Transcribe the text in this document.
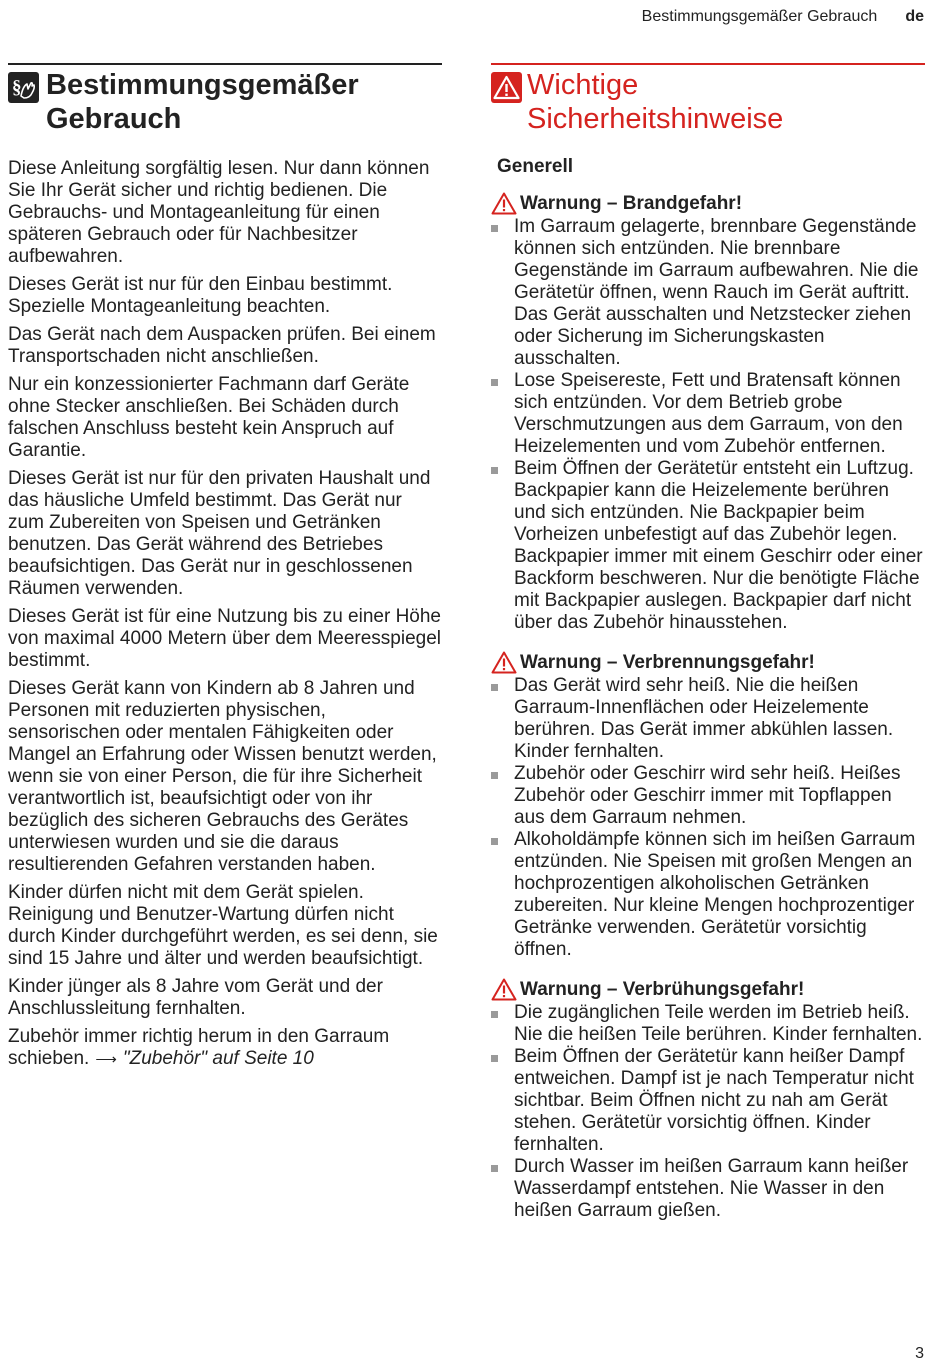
Bestimmungsgemäßer Gebrauch de
§ Bestimmungsgemäßer
Gebrauch

Diese Anleitung sorgfältig lesen. Nur dann können Sie Ihr Gerät sicher und richtig bedienen. Die Gebrauchs- und Montageanleitung für einen späteren Gebrauch oder für Nachbesitzer aufbewahren.

Dieses Gerät ist nur für den Einbau bestimmt. Spezielle Montageanleitung beachten.

Das Gerät nach dem Auspacken prüfen. Bei einem Transportschaden nicht anschließen.

Nur ein konzessionierter Fachmann darf Geräte ohne Stecker anschließen. Bei Schäden durch falschen Anschluss besteht kein Anspruch auf Garantie.

Dieses Gerät ist nur für den privaten Haushalt und das häusliche Umfeld bestimmt. Das Gerät nur zum Zubereiten von Speisen und Getränken benutzen. Das Gerät während des Betriebes beaufsichtigen. Das Gerät nur in geschlossenen Räumen verwenden.

Dieses Gerät ist für eine Nutzung bis zu einer Höhe von maximal 4000 Metern über dem Meeresspiegel bestimmt.

Dieses Gerät kann von Kindern ab 8 Jahren und Personen mit reduzierten physischen, sensorischen oder mentalen Fähigkeiten oder Mangel an Erfahrung oder Wissen benutzt werden, wenn sie von einer Person, die für ihre Sicherheit verantwortlich ist, beaufsichtigt oder von ihr bezüglich des sicheren Gebrauchs des Gerätes unterwiesen wurden und sie die daraus resultierenden Gefahren verstanden haben.

Kinder dürfen nicht mit dem Gerät spielen. Reinigung und Benutzer-Wartung dürfen nicht durch Kinder durchgeführt werden, es sei denn, sie sind 15 Jahre und älter und werden beaufsichtigt.

Kinder jünger als 8 Jahre vom Gerät und der Anschlussleitung fernhalten.

Zubehör immer richtig herum in den Garraum schieben. ⟶ "Zubehör" auf Seite 10

Wichtige
Sicherheitshinweise
Generell
Warnung – Brandgefahr!
Im Garraum gelagerte, brennbare Gegenstände können sich entzünden. Nie brennbare Gegenstände im Garraum aufbewahren. Nie die Gerätetür öffnen, wenn Rauch im Gerät auftritt. Das Gerät ausschalten und Netzstecker ziehen oder Sicherung im Sicherungskasten ausschalten.
Lose Speisereste, Fett und Bratensaft können sich entzünden. Vor dem Betrieb grobe Verschmutzungen aus dem Garraum, von den Heizelementen und vom Zubehör entfernen.
Beim Öffnen der Gerätetür entsteht ein Luftzug. Backpapier kann die Heizelemente berühren und sich entzünden. Nie Backpapier beim Vorheizen unbefestigt auf das Zubehör legen. Backpapier immer mit einem Geschirr oder einer Backform beschweren. Nur die benötigte Fläche mit Backpapier auslegen. Backpapier darf nicht über das Zubehör hinausstehen.
Warnung – Verbrennungsgefahr!
Das Gerät wird sehr heiß. Nie die heißen Garraum-Innenflächen oder Heizelemente berühren. Das Gerät immer abkühlen lassen. Kinder fernhalten.
Zubehör oder Geschirr wird sehr heiß. Heißes Zubehör oder Geschirr immer mit Topflappen aus dem Garraum nehmen.
Alkoholdämpfe können sich im heißen Garraum entzünden. Nie Speisen mit großen Mengen an hochprozentigen alkoholischen Getränken zubereiten. Nur kleine Mengen hochprozentiger Getränke verwenden. Gerätetür vorsichtig öffnen.
Warnung – Verbrühungsgefahr!
Die zugänglichen Teile werden im Betrieb heiß. Nie die heißen Teile berühren. Kinder fernhalten.
Beim Öffnen der Gerätetür kann heißer Dampf entweichen. Dampf ist je nach Temperatur nicht sichtbar. Beim Öffnen nicht zu nah am Gerät stehen. Gerätetür vorsichtig öffnen. Kinder fernhalten.
Durch Wasser im heißen Garraum kann heißer Wasserdampf entstehen. Nie Wasser in den heißen Garraum gießen.
3
